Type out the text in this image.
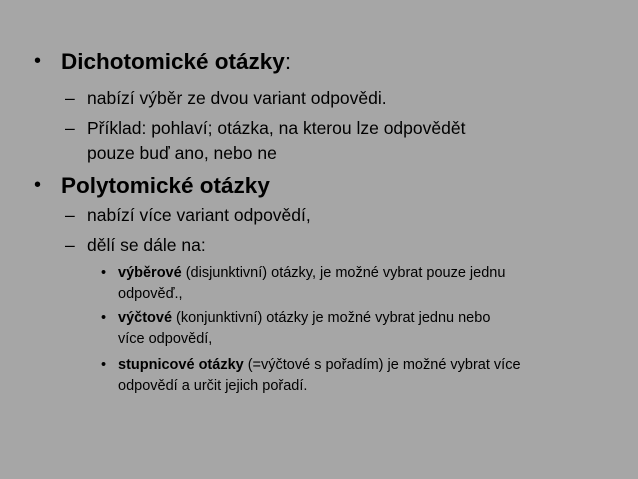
• Dichotomické otázky:
– nabízí výběr ze dvou variant odpovědi.
– Příklad: pohlaví; otázka, na kterou lze odpovědět
pouze buď ano, nebo ne
• Polytomické otázky
– nabízí více variant odpovědí,
– dělí se dále na:
• výběrové (disjunktivní) otázky, je možné vybrat pouze jednu
odpověď.,
• výčtové (konjunktivní) otázky je možné vybrat jednu nebo
více odpovědí,
• stupnicové otázky (=výčtové s pořadím) je možné vybrat více
odpovědí a určit jejich pořadí.
